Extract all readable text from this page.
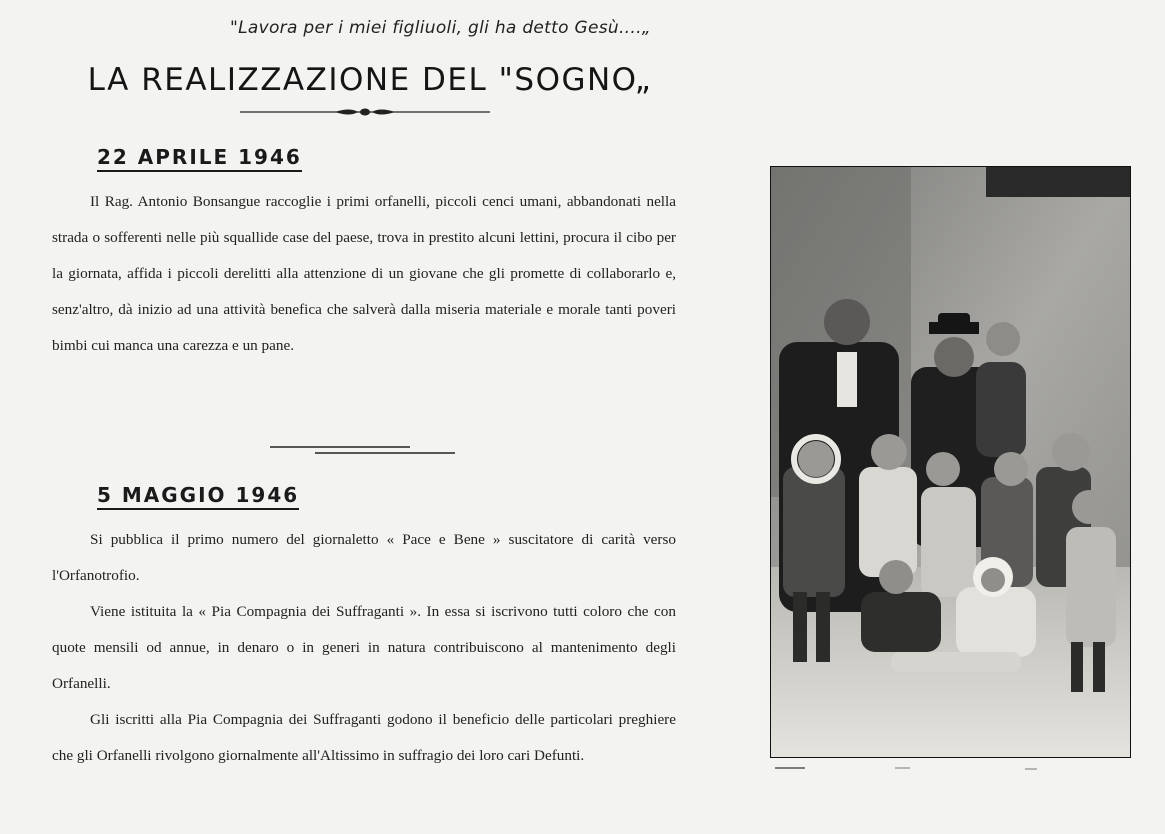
"Lavora per i miei figliuoli, gli ha detto Gesù....„
LA REALIZZAZIONE DEL "SOGNO„
22 APRILE 1946

Il Rag. Antonio Bonsangue raccoglie i primi orfanelli, piccoli cenci umani, abbandonati nella strada o sofferenti nelle più squallide case del paese, trova in prestito alcuni lettini, procura il cibo per la giornata, affida i piccoli derelitti alla attenzione di un giovane che gli promette di collaborarlo e, senz'altro, dà inizio ad una attività benefica che salverà dalla miseria materiale e morale tanti poveri bimbi cui manca una carezza e un pane.

5 MAGGIO 1946

Si pubblica il primo numero del giornaletto « Pace e Bene » suscitatore di carità verso l'Orfanotrofio.

Viene istituita la « Pia Compagnia dei Suffraganti ». In essa si iscrivono tutti coloro che con quote mensili od annue, in denaro o in generi in natura contribuiscono al mantenimento degli Orfanelli.

Gli iscritti alla Pia Compagnia dei Suffraganti godono il beneficio delle particolari preghiere che gli Orfanelli rivolgono giornalmente all'Altissimo in suffragio dei loro cari Defunti.
